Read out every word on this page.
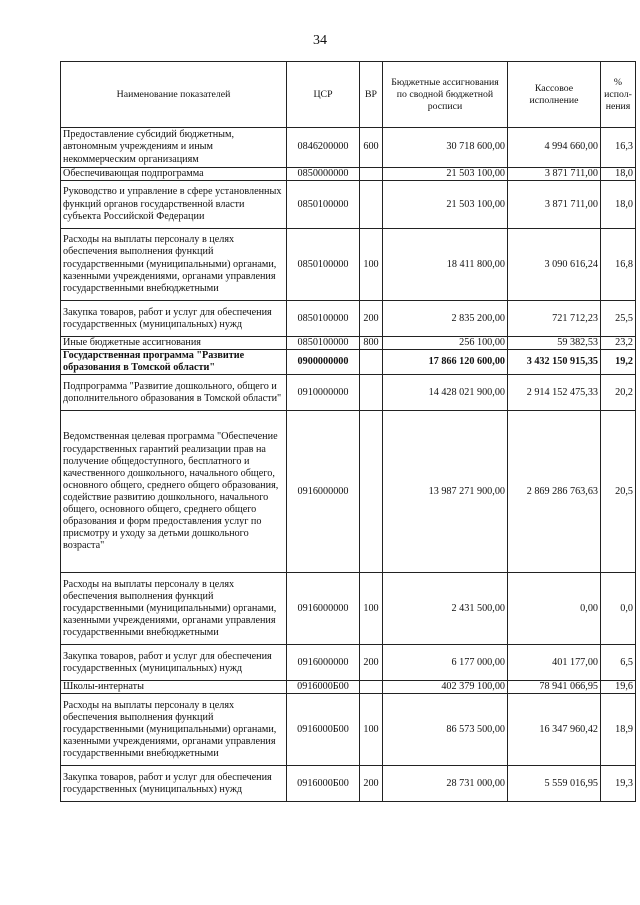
34
Наименование показателей	ЦСР	ВР	Бюджетные ассигнования по сводной бюджетной росписи	Кассовое исполнение	% испол-нения
Предоставление субсидий бюджетным, автономным учреждениям и иным некоммерческим организациям	0846200000	600	30 718 600,00	4 994 660,00	16,3
Обеспечивающая подпрограмма	0850000000		21 503 100,00	3 871 711,00	18,0
Руководство и управление в сфере установленных функций органов государственной власти субъекта Российской Федерации	0850100000		21 503 100,00	3 871 711,00	18,0
Расходы на выплаты персоналу в целях обеспечения выполнения функций государственными (муниципальными) органами, казенными учреждениями, органами управления государственными внебюджетными	0850100000	100	18 411 800,00	3 090 616,24	16,8
Закупка товаров, работ и услуг для обеспечения государственных (муниципальных) нужд	0850100000	200	2 835 200,00	721 712,23	25,5
Иные бюджетные ассигнования	0850100000	800	256 100,00	59 382,53	23,2
Государственная программа "Развитие образования в Томской области"	0900000000		17 866 120 600,00	3 432 150 915,35	19,2
Подпрограмма "Развитие дошкольного, общего и дополнительного образования в Томской области"	0910000000		14 428 021 900,00	2 914 152 475,33	20,2
Ведомственная целевая программа "Обеспечение государственных гарантий реализации прав на получение общедоступного, бесплатного и качественного дошкольного, начального общего, основного общего, среднего общего образования, содействие развитию дошкольного, начального общего, основного общего, среднего общего образования и форм предоставления услуг по присмотру и уходу за детьми дошкольного возраста"	0916000000		13 987 271 900,00	2 869 286 763,63	20,5
Расходы на выплаты персоналу в целях обеспечения выполнения функций государственными (муниципальными) органами, казенными учреждениями, органами управления государственными внебюджетными	0916000000	100	2 431 500,00	0,00	0,0
Закупка товаров, работ и услуг для обеспечения государственных (муниципальных) нужд	0916000000	200	6 177 000,00	401 177,00	6,5
Школы-интернаты	0916000Б00		402 379 100,00	78 941 066,95	19,6
Расходы на выплаты персоналу в целях обеспечения выполнения функций государственными (муниципальными) органами, казенными учреждениями, органами управления государственными внебюджетными	0916000Б00	100	86 573 500,00	16 347 960,42	18,9
Закупка товаров, работ и услуг для обеспечения государственных (муниципальных) нужд	0916000Б00	200	28 731 000,00	5 559 016,95	19,3
